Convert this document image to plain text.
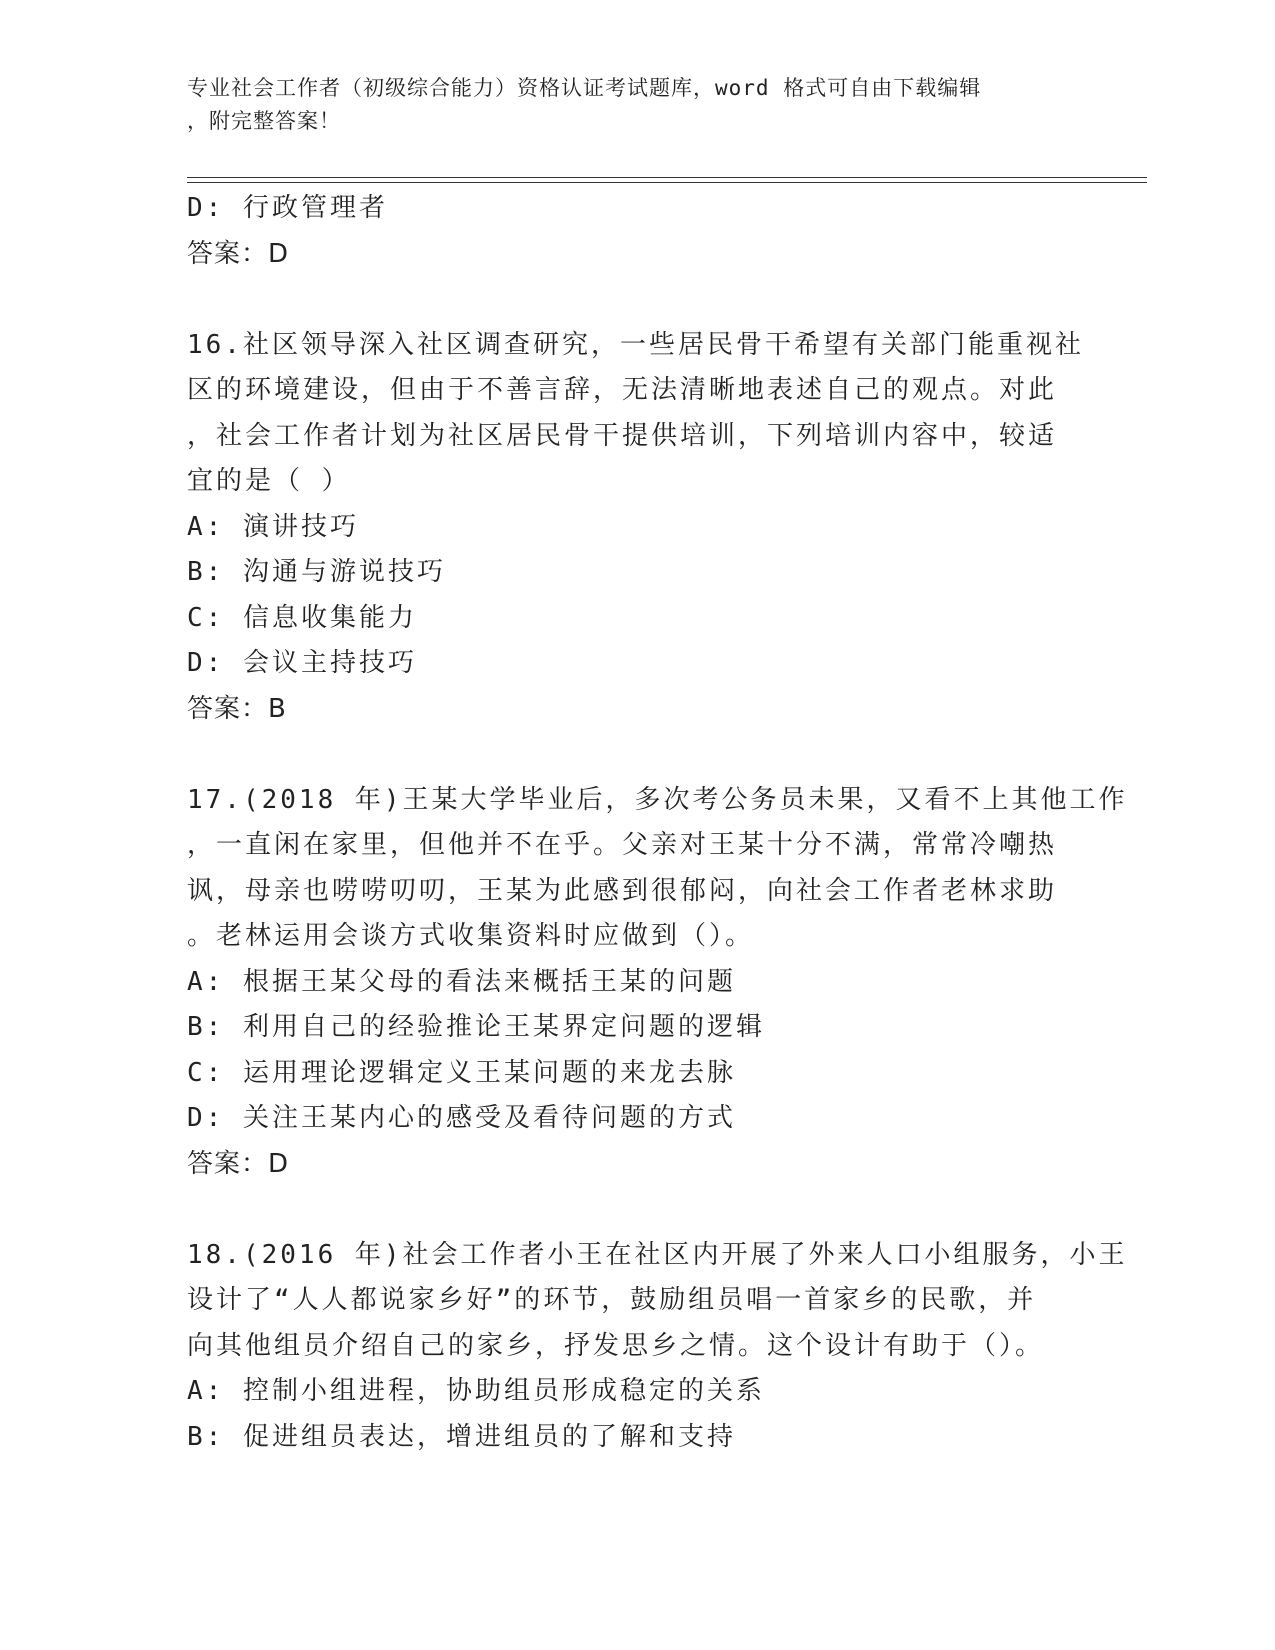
专业社会工作者（初级综合能力）资格认证考试题库，word 格式可自由下载编辑
，附完整答案！
D: 行政管理者
答案：D
16.社区领导深入社区调查研究，一些居民骨干希望有关部门能重视社
区的环境建设，但由于不善言辞，无法清晰地表述自己的观点。对此
，社会工作者计划为社区居民骨干提供培训，下列培训内容中，较适
宜的是（ ）
A: 演讲技巧
B: 沟通与游说技巧
C: 信息收集能力
D: 会议主持技巧
答案：B
17.(2018 年)王某大学毕业后，多次考公务员未果，又看不上其他工作
，一直闲在家里，但他并不在乎。父亲对王某十分不满，常常冷嘲热
讽，母亲也唠唠叨叨，王某为此感到很郁闷，向社会工作者老林求助
。老林运用会谈方式收集资料时应做到（）。
A: 根据王某父母的看法来概括王某的问题
B: 利用自己的经验推论王某界定问题的逻辑
C: 运用理论逻辑定义王某问题的来龙去脉
D: 关注王某内心的感受及看待问题的方式
答案：D
18.(2016 年)社会工作者小王在社区内开展了外来人口小组服务，小王
设计了“人人都说家乡好”的环节，鼓励组员唱一首家乡的民歌，并
向其他组员介绍自己的家乡，抒发思乡之情。这个设计有助于（）。
A: 控制小组进程，协助组员形成稳定的关系
B: 促进组员表达，增进组员的了解和支持
